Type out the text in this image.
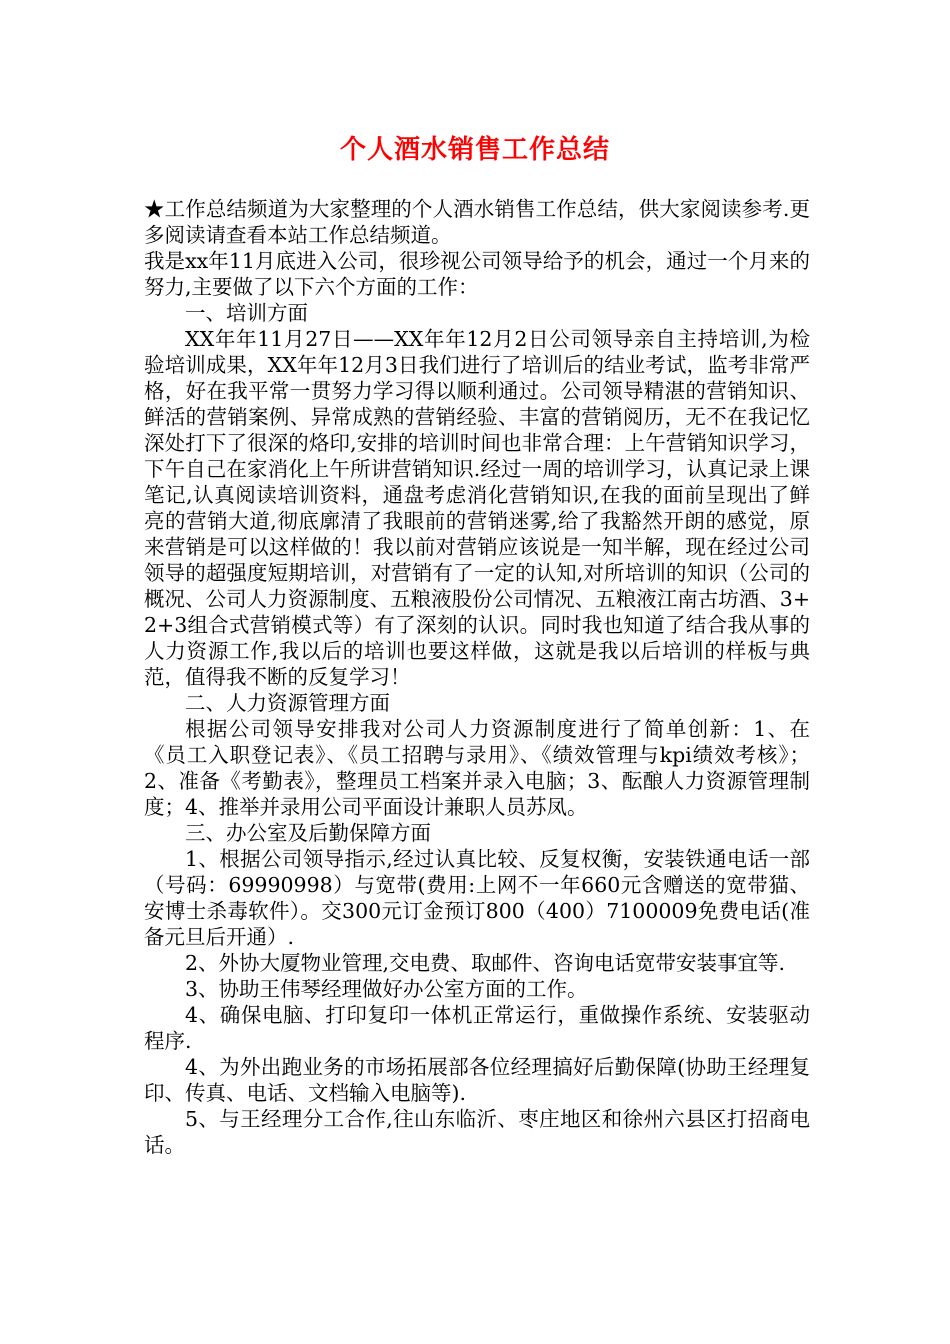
个人酒水销售工作总结

★工作总结频道为大家整理的个人酒水销售工作总结，供大家阅读参考.更多阅读请查看本站工作总结频道。

我是xx年11月底进入公司，很珍视公司领导给予的机会，通过一个月来的努力,主要做了以下六个方面的工作：

一、培训方面

XX年年11月27日——XX年年12月2日公司领导亲自主持培训,为检验培训成果，XX年年12月3日我们进行了培训后的结业考试，监考非常严格，好在我平常一贯努力学习得以顺利通过。公司领导精湛的营销知识、鲜活的营销案例、异常成熟的营销经验、丰富的营销阅历，无不在我记忆深处打下了很深的烙印,安排的培训时间也非常合理：上午营销知识学习，下午自己在家消化上午所讲营销知识.经过一周的培训学习，认真记录上课笔记,认真阅读培训资料，通盘考虑消化营销知识,在我的面前呈现出了鲜亮的营销大道,彻底廓清了我眼前的营销迷雾,给了我豁然开朗的感觉，原来营销是可以这样做的！我以前对营销应该说是一知半解，现在经过公司领导的超强度短期培训，对营销有了一定的认知,对所培训的知识（公司的概况、公司人力资源制度、五粮液股份公司情况、五粮液江南古坊酒、3+2+3组合式营销模式等）有了深刻的认识。同时我也知道了结合我从事的人力资源工作,我以后的培训也要这样做，这就是我以后培训的样板与典范，值得我不断的反复学习！

二、人力资源管理方面

根据公司领导安排我对公司人力资源制度进行了简单创新：1、在《员工入职登记表》、《员工招聘与录用》、《绩效管理与kpi绩效考核》；2、准备《考勤表》，整理员工档案并录入电脑；3、酝酿人力资源管理制度；4、推举并录用公司平面设计兼职人员苏凤。

三、办公室及后勤保障方面

1、根据公司领导指示,经过认真比较、反复权衡，安装铁通电话一部（号码：69990998）与宽带(费用:上网不一年660元含赠送的宽带猫、安博士杀毒软件）。交300元订金预订800（400）7100009免费电话(准备元旦后开通）.

2、外协大厦物业管理,交电费、取邮件、咨询电话宽带安装事宜等.

3、协助王伟琴经理做好办公室方面的工作。

4、确保电脑、打印复印一体机正常运行，重做操作系统、安装驱动程序.

4、为外出跑业务的市场拓展部各位经理搞好后勤保障(协助王经理复印、传真、电话、文档输入电脑等).

5、与王经理分工合作,往山东临沂、枣庄地区和徐州六县区打招商电话。
